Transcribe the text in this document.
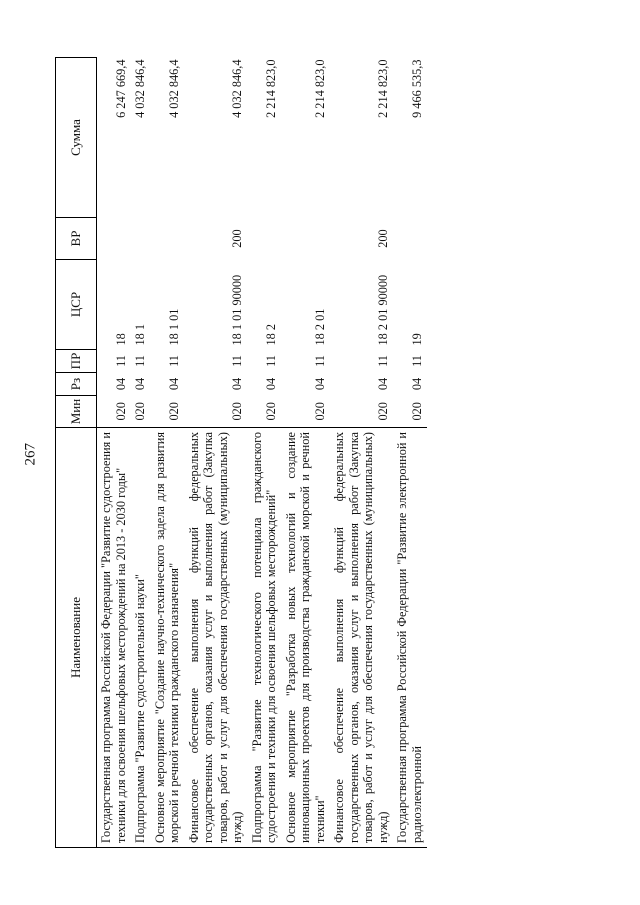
267
Наименование	Мин	Рз	ПР	ЦСР	ВР	Сумма
Государственная программа Российской Федерации "Развитие судостроения и техники для освоения шельфовых месторождений на 2013 - 2030 годы"	020	04	11	18		6 247 669,4
Подпрограмма "Развитие судостроительной науки"	020	04	11	18 1		4 032 846,4
Основное мероприятие "Создание научно-технического задела для развития морской и речной техники гражданского назначения"	020	04	11	18 1 01		4 032 846,4
Финансовое обеспечение выполнения функций федеральных государственных органов, оказания услуг и выполнения работ (Закупка товаров, работ и услуг для обеспечения государственных (муниципальных) нужд)	020	04	11	18 1 01 90000	200	4 032 846,4
Подпрограмма "Развитие технологического потенциала гражданского судостроения и техники для освоения шельфовых месторождений"	020	04	11	18 2		2 214 823,0
Основное мероприятие "Разработка новых технологий и создание инновационных проектов для производства гражданской морской и речной техники"	020	04	11	18 2 01		2 214 823,0
Финансовое обеспечение выполнения функций федеральных государственных органов, оказания услуг и выполнения работ (Закупка товаров, работ и услуг для обеспечения государственных (муниципальных) нужд)	020	04	11	18 2 01 90000	200	2 214 823,0
Государственная программа Российской Федерации "Развитие электронной и радиоэлектронной	020	04	11	19		9 466 535,3
